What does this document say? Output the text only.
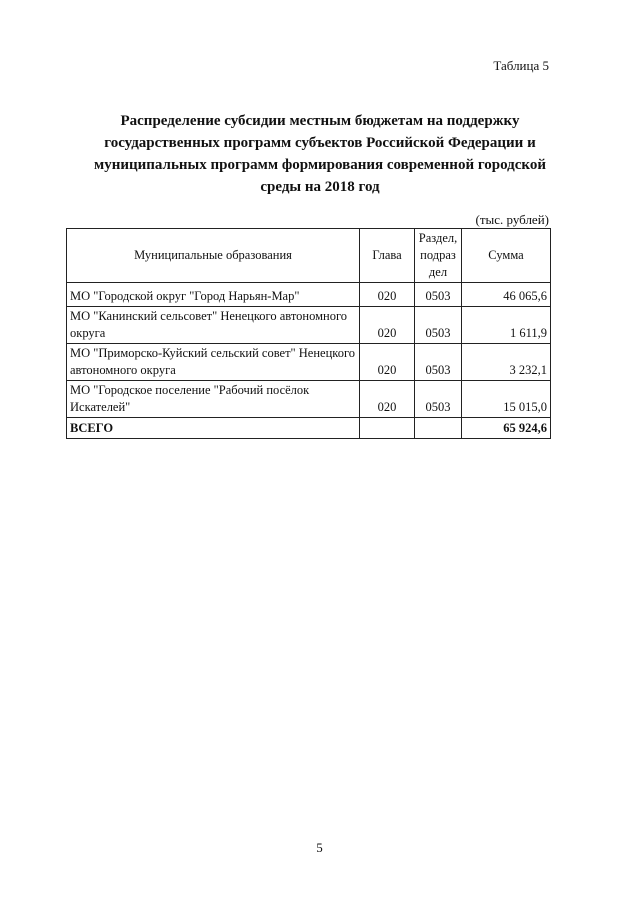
Таблица 5
Распределение субсидии местным бюджетам на поддержку
государственных программ субъектов Российской Федерации и
муниципальных программ формирования современной городской
среды на 2018 год
(тыс. рублей)
Муниципальные образования	Глава	Раздел, подраз дел	Сумма
МО "Городской округ "Город Нарьян-Мар"	020	0503	46 065,6
МО "Канинский сельсовет" Ненецкого автономного округа	020	0503	1 611,9
МО "Приморско-Куйский сельский совет" Ненецкого автономного округа	020	0503	3 232,1
МО "Городское поселение "Рабочий посёлок Искателей"	020	0503	15 015,0
ВСЕГО			65 924,6
5
